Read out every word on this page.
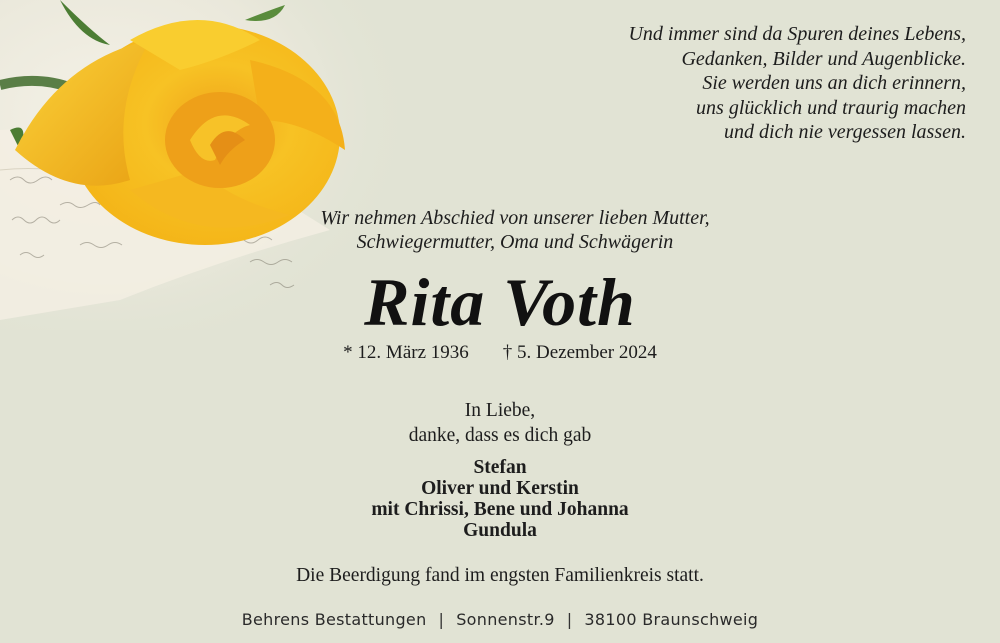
Und immer sind da Spuren deines Lebens,
Gedanken, Bilder und Augenblicke.
Sie werden uns an dich erinnern,
uns glücklich und traurig machen
und dich nie vergessen lassen.
Wir nehmen Abschied von unserer lieben Mutter,
Schwiegermutter, Oma und Schwägerin
Rita Voth
* 12. März 1936 † 5. Dezember 2024
In Liebe,
danke, dass es dich gab
Stefan
Oliver und Kerstin
mit Chrissi, Bene und Johanna
Gundula
Die Beerdigung fand im engsten Familienkreis statt.
Behrens Bestattungen | Sonnenstr.9 | 38100 Braunschweig
